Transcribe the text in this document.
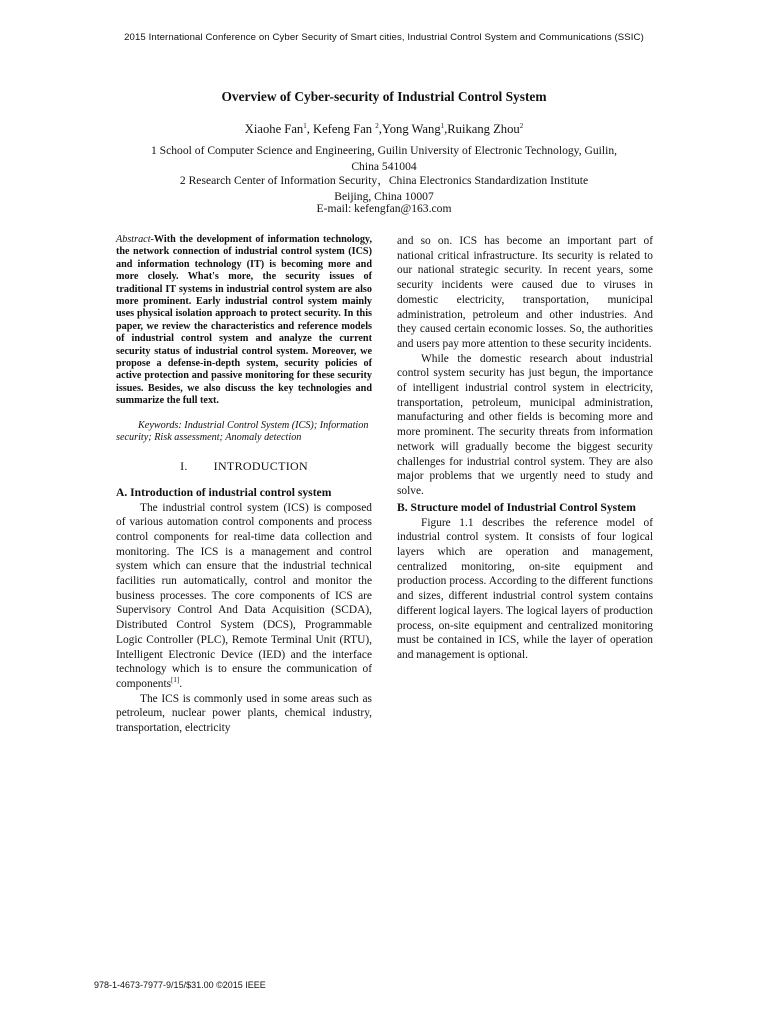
2015 International Conference on Cyber Security of Smart cities, Industrial Control System and Communications (SSIC)
Overview of Cyber-security of Industrial Control System
Xiaohe Fan$^1$, Kefeng Fan $^2$,Yong Wang$^1$,Ruikang Zhou$^2$
1 School of Computer Science and Engineering, Guilin University of Electronic Technology, Guilin,
China 541004
2 Research Center of Information Security，China Electronics Standardization Institute
Beijing, China 10007
E-mail: kefengfan@163.com

Abstract-With the development of information technology, the network connection of industrial control system (ICS) and information technology (IT) is becoming more and more closely. What's more, the security issues of traditional IT systems in industrial control system are also more prominent. Early industrial control system mainly uses physical isolation approach to protect security. In this paper, we review the characteristics and reference models of industrial control system and analyze the current security status of industrial control system. Moreover, we propose a defense-in-depth system, security policies of active protection and passive monitoring for these security issues. Besides, we also discuss the key technologies and summarize the full text.

Keywords: Industrial Control System (ICS); Information security; Risk assessment; Anomaly detection

I. INTRODUCTION
A. Introduction of industrial control system

The industrial control system (ICS) is composed of various automation control components and process control components for real-time data collection and monitoring. The ICS is a management and control system which can ensure that the industrial technical facilities run automatically, control and monitor the business processes. The core components of ICS are Supervisory Control And Data Acquisition (SCDA), Distributed Control System (DCS), Programmable Logic Controller (PLC), Remote Terminal Unit (RTU), Intelligent Electronic Device (IED) and the interface technology which is to ensure the communication of components[1].

The ICS is commonly used in some areas such as petroleum, nuclear power plants, chemical industry, transportation, electricity

and so on. ICS has become an important part of national critical infrastructure. Its security is related to our national strategic security. In recent years, some security incidents were caused due to viruses in domestic electricity, transportation, municipal administration, petroleum and other industries. And they caused certain economic losses. So, the authorities and users pay more attention to these security incidents.

While the domestic research about industrial control system security has just begun, the importance of intelligent industrial control system in electricity, transportation, petroleum, municipal administration, manufacturing and other fields is becoming more and more prominent. The security threats from information network will gradually become the biggest security challenges for industrial control system. They are also major problems that we urgently need to study and solve.

B. Structure model of Industrial Control System

Figure 1.1 describes the reference model of industrial control system. It consists of four logical layers which are operation and management, centralized monitoring, on-site equipment and production process. According to the different functions and sizes, different industrial control system contains different logical layers. The logical layers of production process, on-site equipment and centralized monitoring must be contained in ICS, while the layer of operation and management is optional.

978-1-4673-7977-9/15/$31.00 ©2015 IEEE
